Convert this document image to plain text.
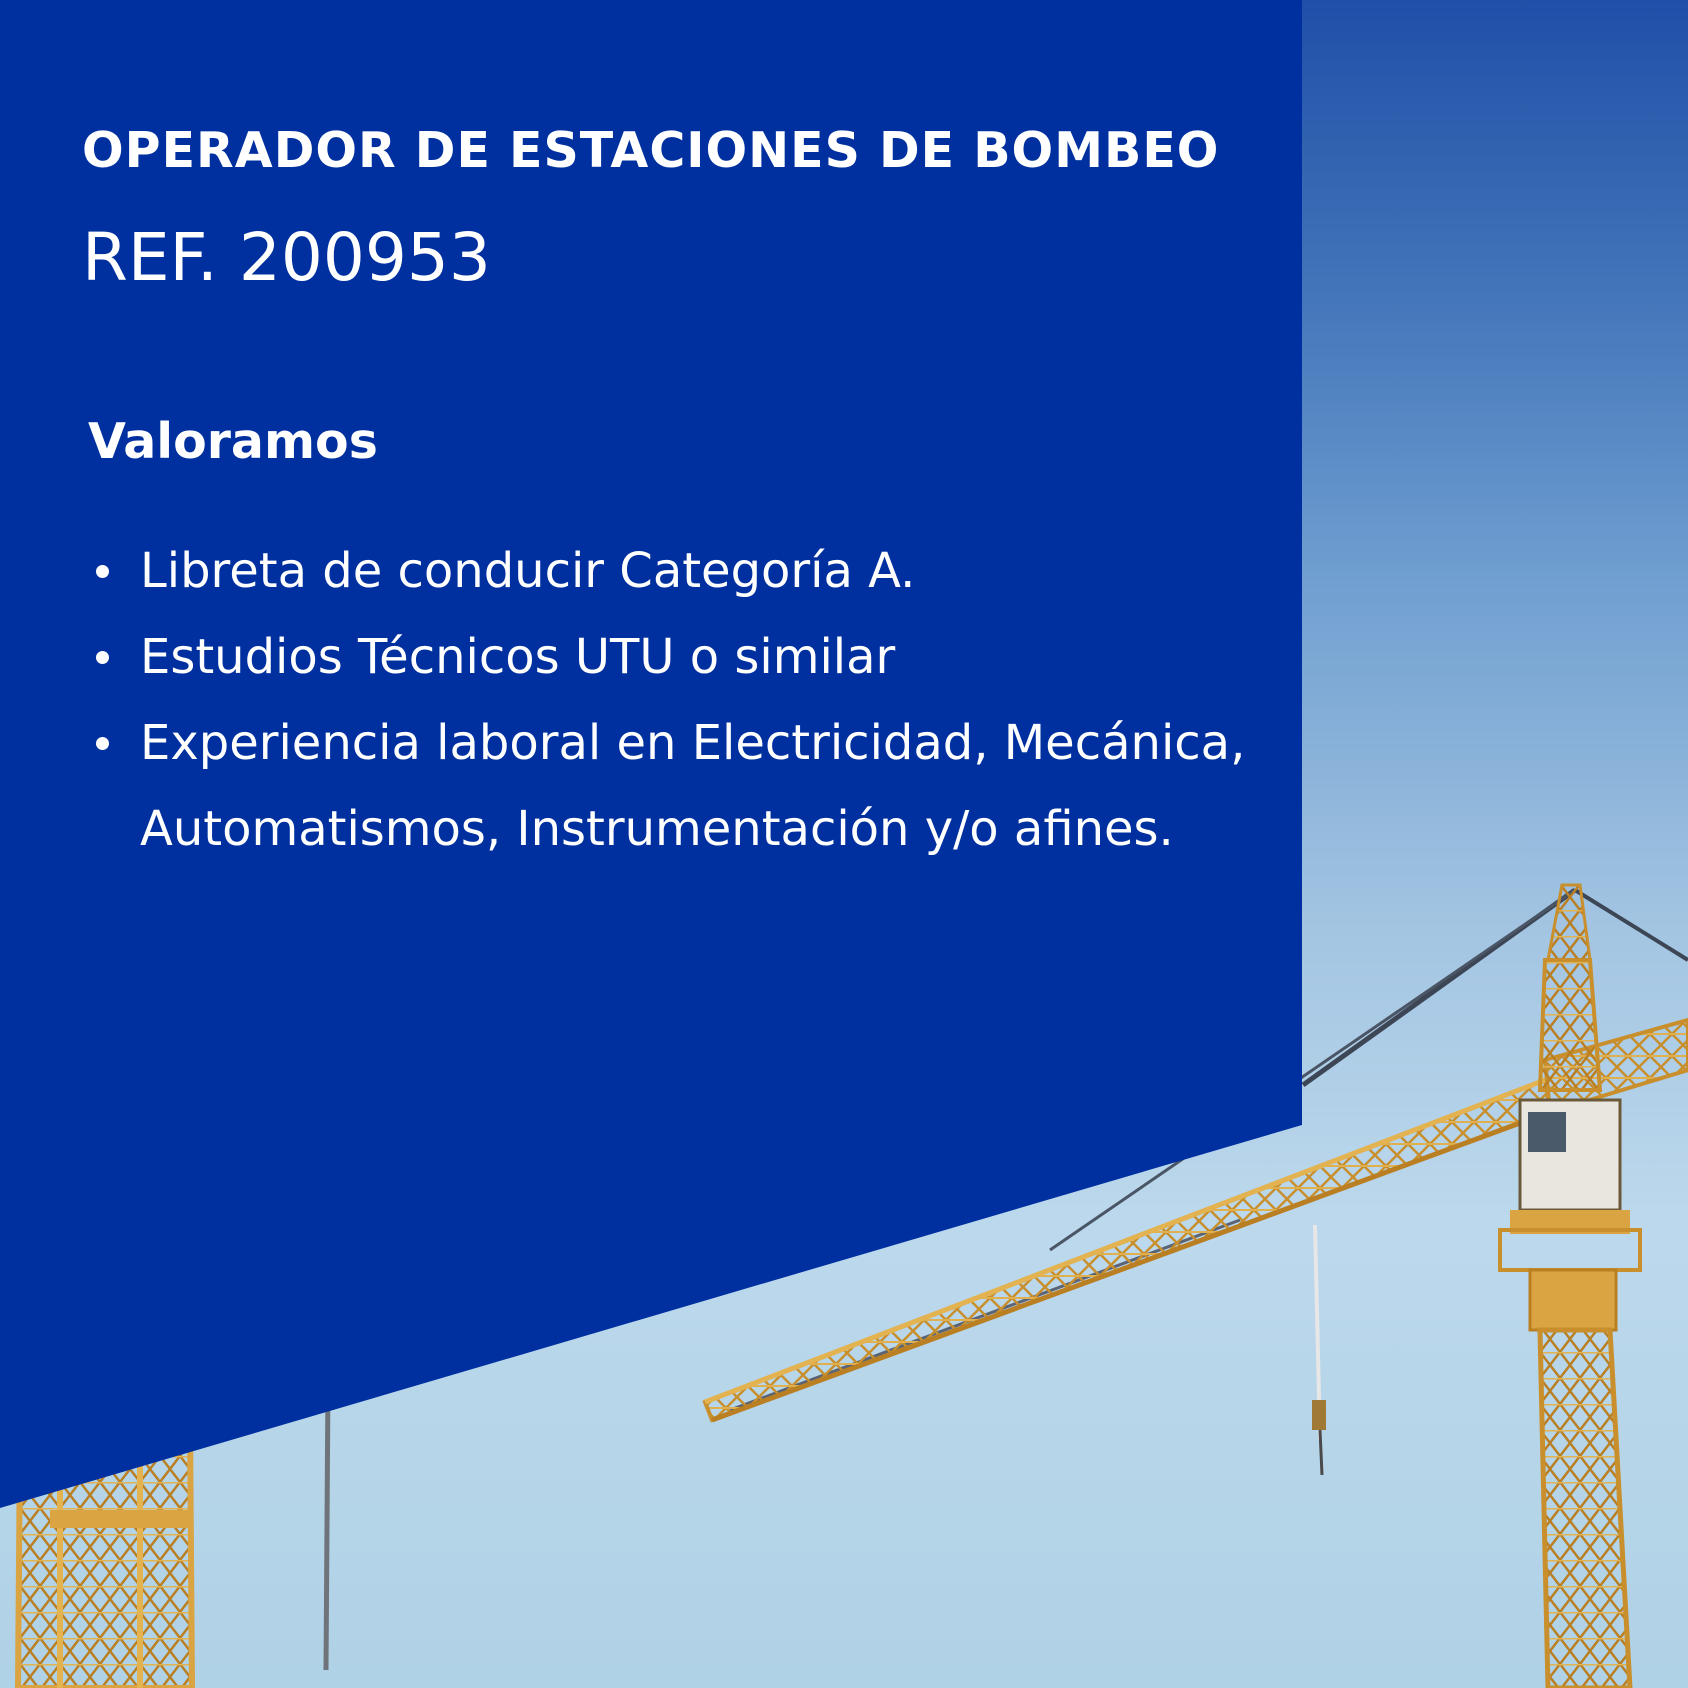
OPERADOR DE ESTACIONES DE BOMBEO
REF. 200953
Valoramos
Libreta de conducir Categoría A.
Estudios Técnicos UTU o similar
Experiencia laboral en Electricidad, Mecánica, Automatismos, Instrumentación y/o afines.
